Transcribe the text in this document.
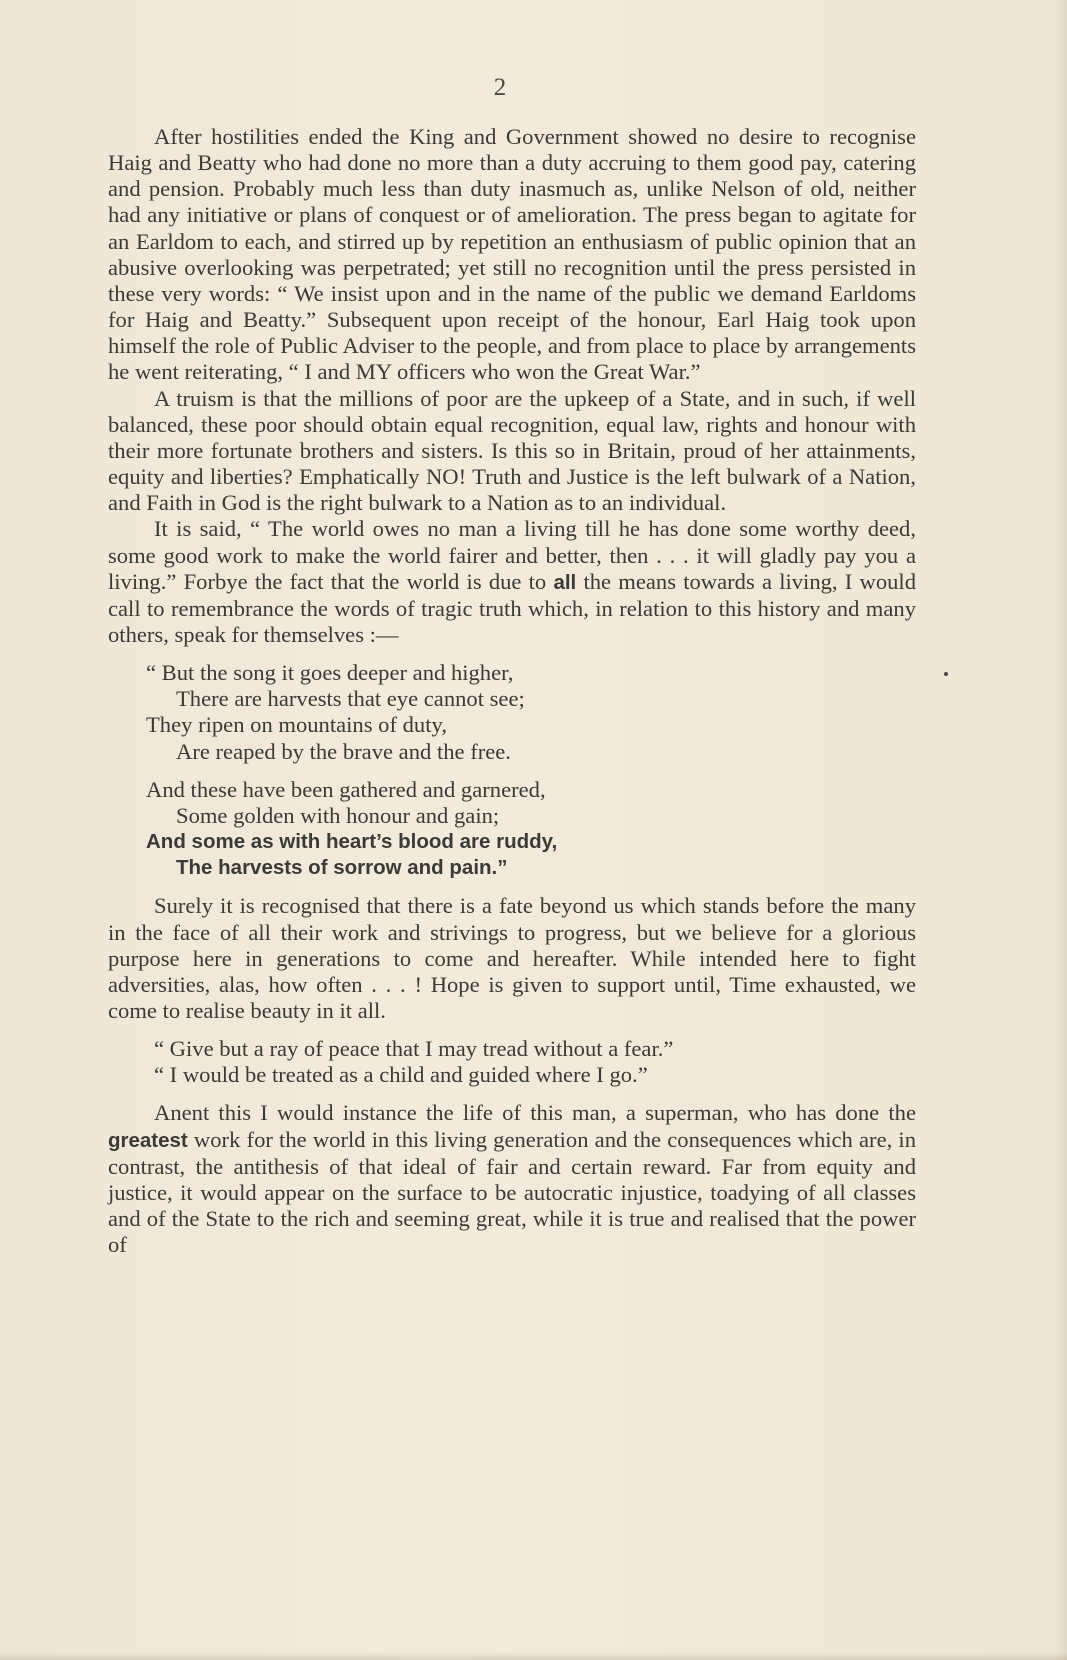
2

After hostilities ended the King and Government showed no desire to recognise Haig and Beatty who had done no more than a duty accruing to them good pay, catering and pension. Probably much less than duty inasmuch as, unlike Nelson of old, neither had any initiative or plans of conquest or of amelioration. The press began to agitate for an Earldom to each, and stirred up by repetition an enthusiasm of public opinion that an abusive overlooking was perpetrated; yet still no recognition until the press persisted in these very words: “ We insist upon and in the name of the public we demand Earldoms for Haig and Beatty.” Subsequent upon receipt of the honour, Earl Haig took upon himself the role of Public Adviser to the people, and from place to place by arrangements he went reiterating, “ I and MY officers who won the Great War.”

A truism is that the millions of poor are the upkeep of a State, and in such, if well balanced, these poor should obtain equal recognition, equal law, rights and honour with their more fortunate brothers and sisters. Is this so in Britain, proud of her attainments, equity and liberties? Emphatically NO! Truth and Justice is the left bulwark of a Nation, and Faith in God is the right bulwark to a Nation as to an individual.

It is said, “ The world owes no man a living till he has done some worthy deed, some good work to make the world fairer and better, then . . . it will gladly pay you a living.” Forbye the fact that the world is due to all the means towards a living, I would call to remembrance the words of tragic truth which, in relation to this history and many others, speak for themselves :—

“ But the song it goes deeper and higher,
There are harvests that eye cannot see;
They ripen on mountains of duty,
Are reaped by the brave and the free.
And these have been gathered and garnered,
Some golden with honour and gain;
And some as with heart’s blood are ruddy,
The harvests of sorrow and pain.”

Surely it is recognised that there is a fate beyond us which stands before the many in the face of all their work and strivings to progress, but we believe for a glorious purpose here in generations to come and hereafter. While intended here to fight adversities, alas, how often . . . ! Hope is given to support until, Time exhausted, we come to realise beauty in it all.

“ Give but a ray of peace that I may tread without a fear.”
“ I would be treated as a child and guided where I go.”

Anent this I would instance the life of this man, a superman, who has done the greatest work for the world in this living generation and the consequences which are, in contrast, the antithesis of that ideal of fair and certain reward. Far from equity and justice, it would appear on the surface to be autocratic injustice, toadying of all classes and of the State to the rich and seeming great, while it is true and realised that the power of
